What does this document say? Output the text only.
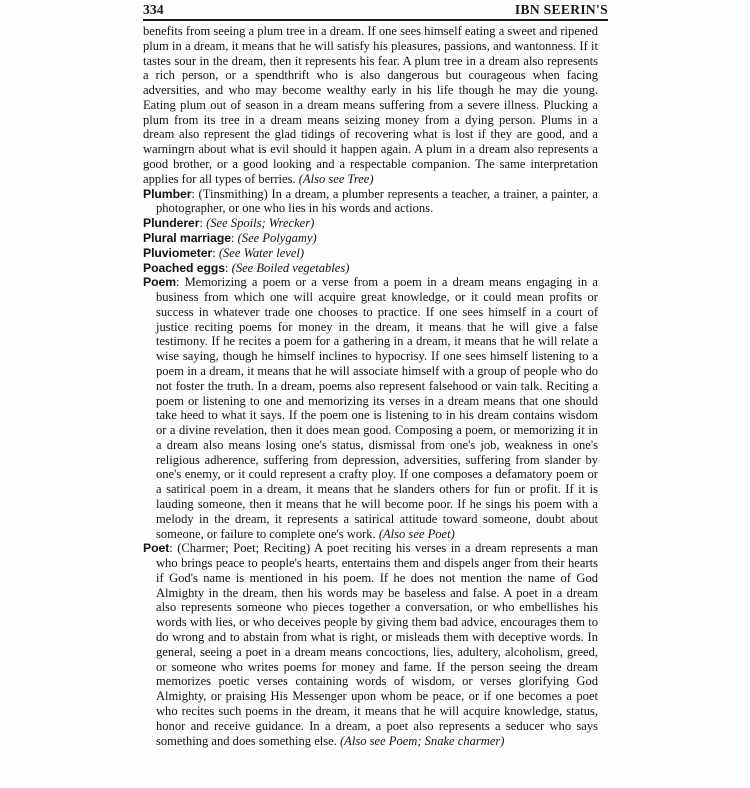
334	IBN SEERIN'S

benefits from seeing a plum tree in a dream. If one sees himself eating a sweet and ripened plum in a dream, it means that he will satisfy his pleasures, passions, and wantonness. If it tastes sour in the dream, then it represents his fear. A plum tree in a dream also represents a rich person, or a spendthrift who is also dangerous but courageous when facing adversities, and who may become wealthy early in his life though he may die young. Eating plum out of season in a dream means suffering from a severe illness. Plucking a plum from its tree in a dream means seizing money from a dying person. Plums in a dream also represent the glad tidings of recovering what is lost if they are good, and a warningrn about what is evil should it happen again. A plum in a dream also represents a good brother, or a good looking and a respectable companion. The same interpretation applies for all types of berries. (Also see Tree)

Plumber: (Tinsmithing) In a dream, a plumber represents a teacher, a trainer, a painter, a photographer, or one who lies in his words and actions.

Plunderer: (See Spoils; Wrecker)

Plural marriage: (See Polygamy)

Pluviometer: (See Water level)

Poached eggs: (See Boiled vegetables)

Poem: Memorizing a poem or a verse from a poem in a dream means engaging in a business from which one will acquire great knowledge, or it could mean profits or success in whatever trade one chooses to practice. If one sees himself in a court of justice reciting poems for money in the dream, it means that he will give a false testimony. If he recites a poem for a gathering in a dream, it means that he will relate a wise saying, though he himself inclines to hypocrisy. If one sees himself listening to a poem in a dream, it means that he will associate himself with a group of people who do not foster the truth. In a dream, poems also represent falsehood or vain talk. Reciting a poem or listening to one and memorizing its verses in a dream means that one should take heed to what it says. If the poem one is listening to in his dream contains wisdom or a divine revelation, then it does mean good. Composing a poem, or memorizing it in a dream also means losing one's status, dismissal from one's job, weakness in one's religious adherence, suffering from depression, adversities, suffering from slander by one's enemy, or it could represent a crafty ploy. If one composes a defamatory poem or a satirical poem in a dream, it means that he slanders others for fun or profit. If it is lauding someone, then it means that he will become poor. If he sings his poem with a melody in the dream, it represents a satirical attitude toward someone, doubt about someone, or failure to complete one's work. (Also see Poet)

Poet: (Charmer; Poet; Reciting) A poet reciting his verses in a dream represents a man who brings peace to people's hearts, entertains them and dispels anger from their hearts if God's name is mentioned in his poem. If he does not mention the name of God Almighty in the dream, then his words may be baseless and false. A poet in a dream also represents someone who pieces together a conversation, or who embellishes his words with lies, or who deceives people by giving them bad advice, encourages them to do wrong and to abstain from what is right, or misleads them with deceptive words. In general, seeing a poet in a dream means concoctions, lies, adultery, alcoholism, greed, or someone who writes poems for money and fame. If the person seeing the dream memorizes poetic verses containing words of wisdom, or verses glorifying God Almighty, or praising His Messenger upon whom be peace, or if one becomes a poet who recites such poems in the dream, it means that he will acquire knowledge, status, honor and receive guidance. In a dream, a poet also represents a seducer who says something and does something else. (Also see Poem; Snake charmer)
